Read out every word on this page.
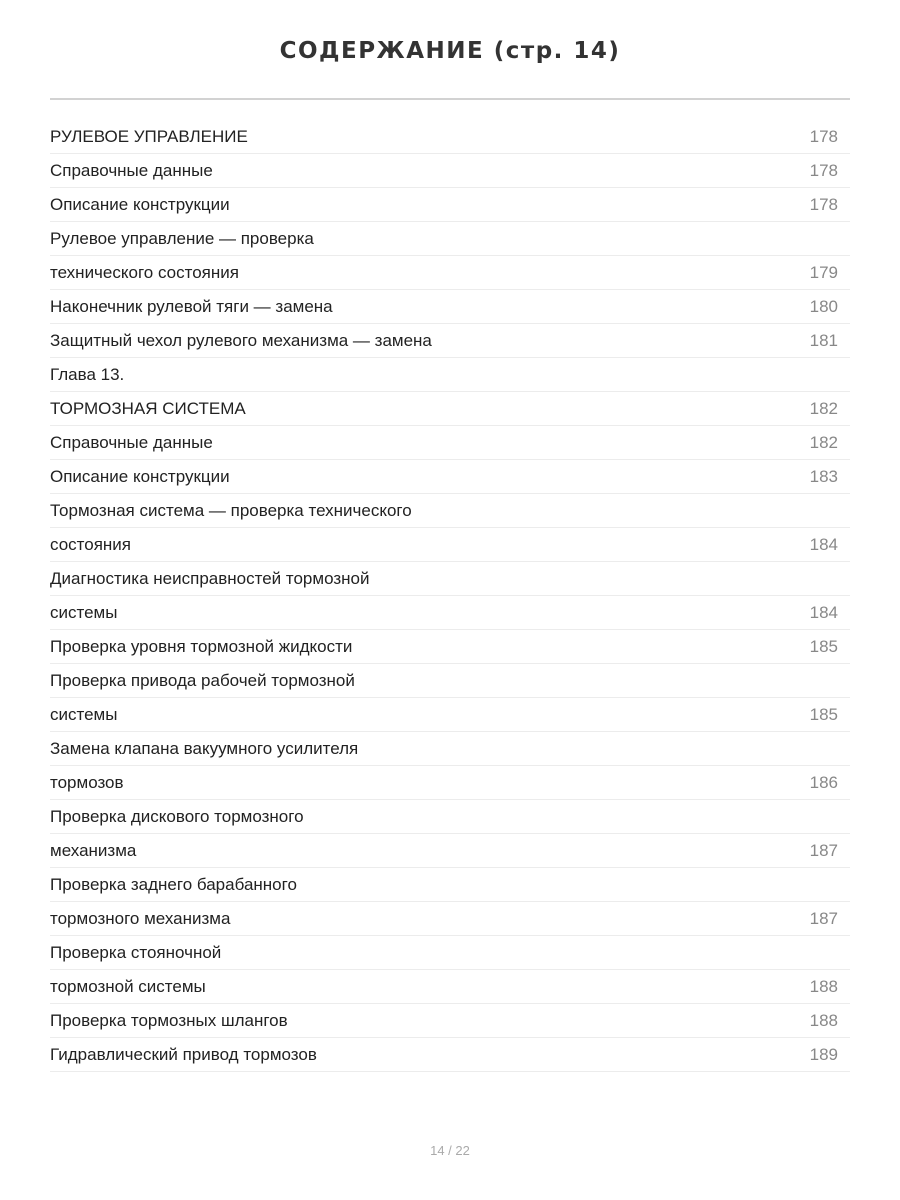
СОДЕРЖАНИЕ (стр. 14)
РУЛЕВОЕ УПРАВЛЕНИЕ	178
Справочные данные	178
Описание конструкции	178
Рулевое управление — проверка
технического состояния	179
Наконечник рулевой тяги — замена	180
Защитный чехол рулевого механизма — замена	181
Глава 13.
ТОРМОЗНАЯ СИСТЕМА	182
Справочные данные	182
Описание конструкции	183
Тормозная система — проверка технического
состояния	184
Диагностика неисправностей тормозной
системы	184
Проверка уровня тормозной жидкости	185
Проверка привода рабочей тормозной
системы	185
Замена клапана вакуумного усилителя
тормозов	186
Проверка дискового тормозного
механизма	187
Проверка заднего барабанного
тормозного механизма	187
Проверка стояночной
тормозной системы	188
Проверка тормозных шлангов	188
Гидравлический привод тормозов	189
14 / 22
